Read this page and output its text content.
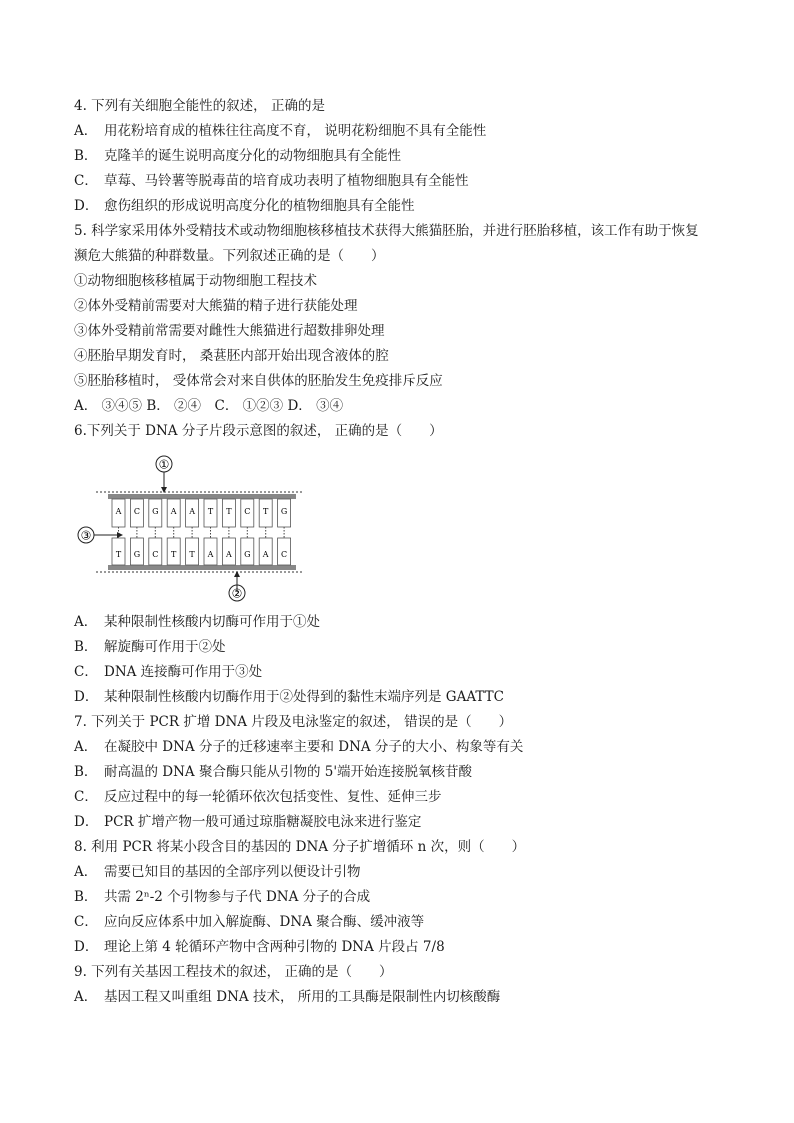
4. 下列有关细胞全能性的叙述， 正确的是
A． 用花粉培育成的植株往往高度不育， 说明花粉细胞不具有全能性
B． 克隆羊的诞生说明高度分化的动物细胞具有全能性
C． 草莓、马铃薯等脱毒苗的培育成功表明了植物细胞具有全能性
D． 愈伤组织的形成说明高度分化的植物细胞具有全能性
5. 科学家采用体外受精技术或动物细胞核移植技术获得大熊猫胚胎，并进行胚胎移植，该工作有助于恢复
濒危大熊猫的种群数量。下列叙述正确的是（　　）
①动物细胞核移植属于动物细胞工程技术
②体外受精前需要对大熊猫的精子进行获能处理
③体外受精前常需要对雌性大熊猫进行超数排卵处理
④胚胎早期发育时， 桑葚胚内部开始出现含液体的腔
⑤胚胎移植时， 受体常会对来自供体的胚胎发生免疫排斥反应
A． ③④⑤ B． ②④　C． ①②③ D． ③④
6.下列关于 DNA 分子片段示意图的叙述， 正确的是（　　）
①
A
T
C
G
G
C
A
T
A
T
T
A
T
A
C
G
T
A
G
C
③
②
A． 某种限制性核酸内切酶可作用于①处
B． 解旋酶可作用于②处
C． DNA 连接酶可作用于③处
D． 某种限制性核酸内切酶作用于②处得到的黏性末端序列是 GAATTC
7. 下列关于 PCR 扩增 DNA 片段及电泳鉴定的叙述， 错误的是（　　）
A． 在凝胶中 DNA 分子的迁移速率主要和 DNA 分子的大小、构象等有关
B． 耐高温的 DNA 聚合酶只能从引物的 5'端开始连接脱氧核苷酸
C． 反应过程中的每一轮循环依次包括变性、复性、延伸三步
D． PCR 扩增产物一般可通过琼脂糖凝胶电泳来进行鉴定
8. 利用 PCR 将某小段含目的基因的 DNA 分子扩增循环 n 次，则（　　）
A． 需要已知目的基因的全部序列以便设计引物
B． 共需 2ⁿ-2 个引物参与子代 DNA 分子的合成
C． 应向反应体系中加入解旋酶、DNA 聚合酶、缓冲液等
D． 理论上第 4 轮循环产物中含两种引物的 DNA 片段占 7/8
9. 下列有关基因工程技术的叙述， 正确的是（　　）
A． 基因工程又叫重组 DNA 技术， 所用的工具酶是限制性内切核酸酶
